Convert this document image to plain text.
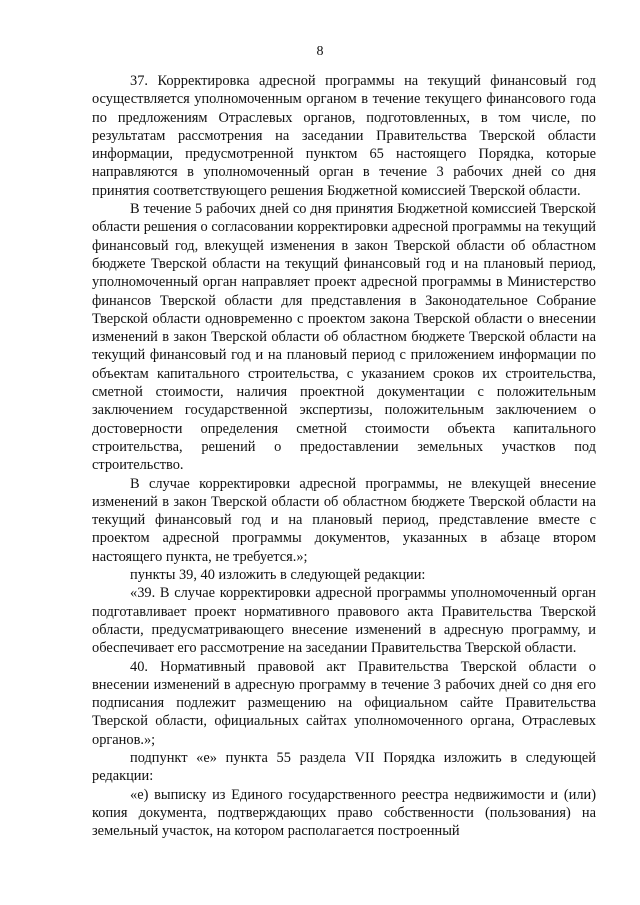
8

37. Корректировка адресной программы на текущий финансовый год осуществляется уполномоченным органом в течение текущего финансового года по предложениям Отраслевых органов, подготовленных, в том числе, по результатам рассмотрения на заседании Правительства Тверской области информации, предусмотренной пунктом 65 настоящего Порядка, которые направляются в уполномоченный орган в течение 3 рабочих дней со дня принятия соответствующего решения Бюджетной комиссией Тверской области.

В течение 5 рабочих дней со дня принятия Бюджетной комиссией Тверской области решения о согласовании корректировки адресной программы на текущий финансовый год, влекущей изменения в закон Тверской области об областном бюджете Тверской области на текущий финансовый год и на плановый период, уполномоченный орган направляет проект адресной программы в Министерство финансов Тверской области для представления в Законодательное Собрание Тверской области одновременно с проектом закона Тверской области о внесении изменений в закон Тверской области об областном бюджете Тверской области на текущий финансовый год и на плановый период с приложением информации по объектам капитального строительства, с указанием сроков их строительства, сметной стоимости, наличия проектной документации с положительным заключением государственной экспертизы, положительным заключением о достоверности определения сметной стоимости объекта капитального строительства, решений о предоставлении земельных участков под строительство.

В случае корректировки адресной программы, не влекущей внесение изменений в закон Тверской области об областном бюджете Тверской области на текущий финансовый год и на плановый период, представление вместе с проектом адресной программы документов, указанных в абзаце втором настоящего пункта, не требуется.»;

пункты 39, 40 изложить в следующей редакции:

«39. В случае корректировки адресной программы уполномоченный орган подготавливает проект нормативного правового акта Правительства Тверской области, предусматривающего внесение изменений в адресную программу, и обеспечивает его рассмотрение на заседании Правительства Тверской области.

40. Нормативный правовой акт Правительства Тверской области о внесении изменений в адресную программу в течение 3 рабочих дней со дня его подписания подлежит размещению на официальном сайте Правительства Тверской области, официальных сайтах уполномоченного органа, Отраслевых органов.»;

подпункт «е» пункта 55 раздела VII Порядка изложить в следующей редакции:

«е) выписку из Единого государственного реестра недвижимости и (или) копия документа, подтверждающих право собственности (пользования) на земельный участок, на котором располагается построенный
